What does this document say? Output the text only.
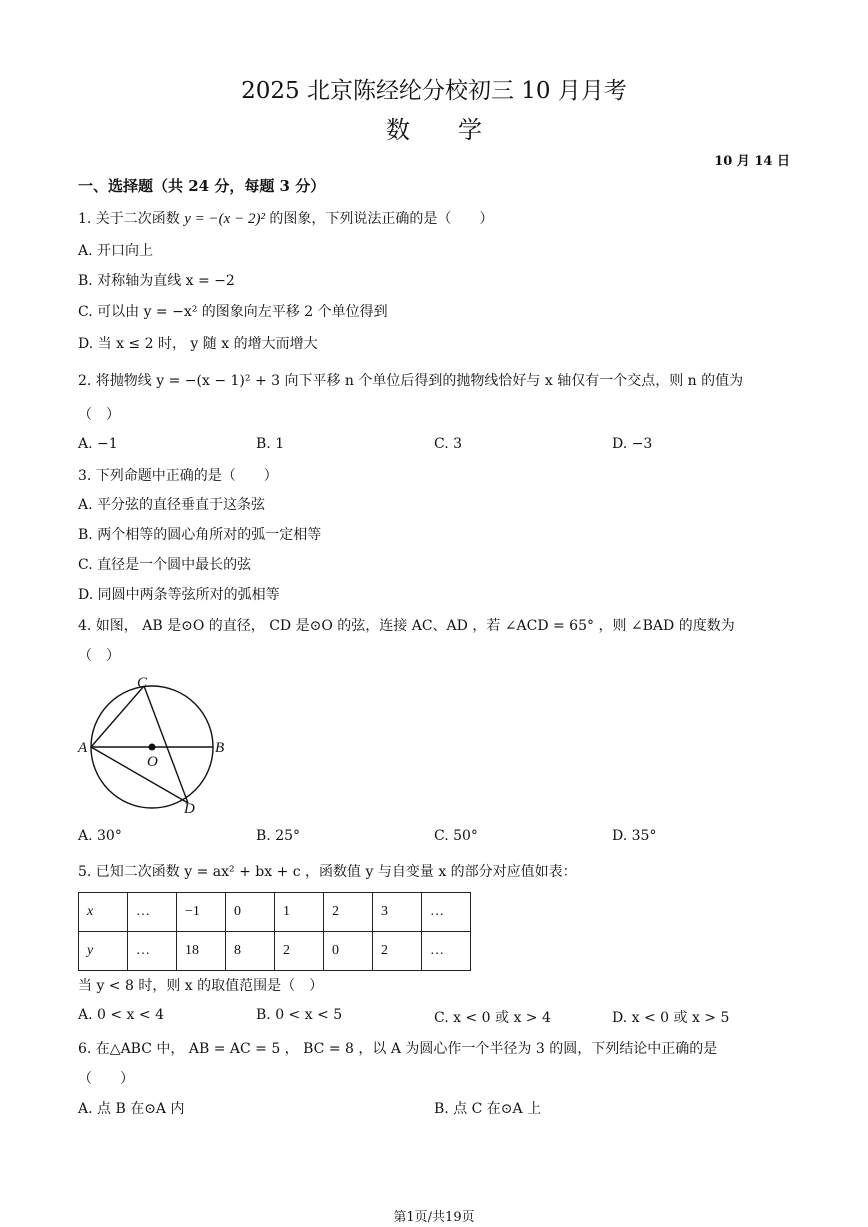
2025 北京陈经纶分校初三 10 月月考
数　　学
10 月 14 日
一、选择题（共 24 分，每题 3 分）
1. 关于二次函数 y = −(x − 2)² 的图象，下列说法正确的是（　　）
A. 开口向上
B. 对称轴为直线 x = −2
C. 可以由 y = −x² 的图象向左平移 2 个单位得到
D. 当 x ≤ 2 时， y 随 x 的增大而增大
2. 将抛物线 y = −(x − 1)² + 3 向下平移 n 个单位后得到的抛物线恰好与 x 轴仅有一个交点，则 n 的值为
（　）
A. −1	B. 1	C. 3	D. −3
3. 下列命题中正确的是（　　）
A. 平分弦的直径垂直于这条弦
B. 两个相等的圆心角所对的弧一定相等
C. 直径是一个圆中最长的弦
D. 同圆中两条等弦所对的弧相等
4. 如图， AB 是⊙O 的直径， CD 是⊙O 的弦，连接 AC、AD ，若 ∠ACD = 65° ，则 ∠BAD 的度数为
（　）
C
A	B
O
D
A. 30°	B. 25°	C. 50°	D. 35°
5. 已知二次函数 y = ax² + bx + c ，函数值 y 与自变量 x 的部分对应值如表：
x	…	−1	0	1	2	3	…
y	…	18	8	2	0	2	…
当 y < 8 时，则 x 的取值范围是（　）
A. 0 < x < 4	B. 0 < x < 5	C. x < 0 或 x > 4	D. x < 0 或 x > 5
6. 在△ABC 中， AB = AC = 5 ， BC = 8 ，以 A 为圆心作一个半径为 3 的圆，下列结论中正确的是
（　　）
A. 点 B 在⊙A 内	B. 点 C 在⊙A 上
第1页/共19页
